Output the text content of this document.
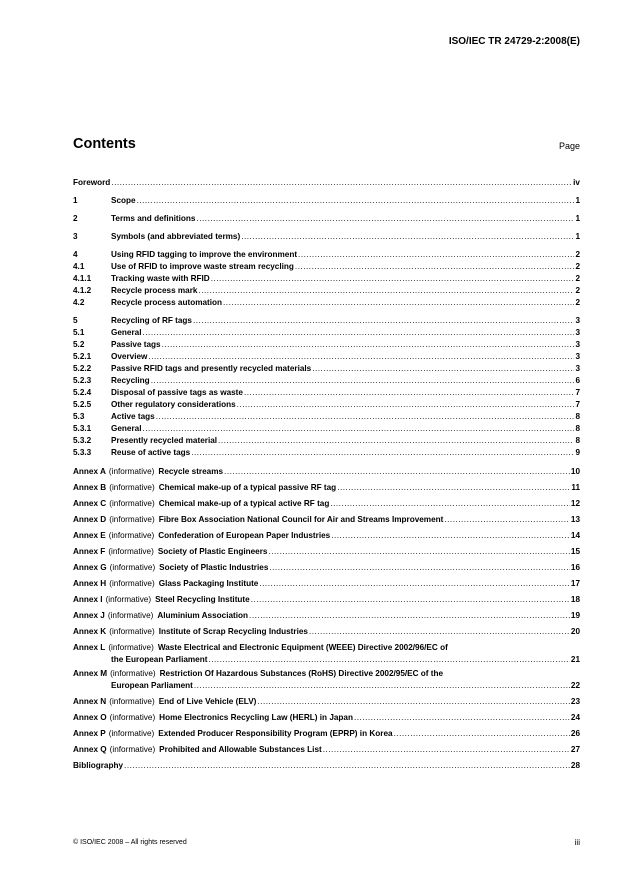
ISO/IEC TR 24729-2:2008(E)
Contents	Page
Foreword .....	iv
1	Scope .....	1
2	Terms and definitions .....	1
3	Symbols (and abbreviated terms) .....	1
4	Using RFID tagging to improve the environment .....	2
4.1	Use of RFID to improve waste stream recycling .....	2
4.1.1	Tracking waste with RFID .....	2
4.1.2	Recycle process mark .....	2
4.2	Recycle process automation .....	2
5	Recycling of RF tags .....	3
5.1	General .....	3
5.2	Passive tags .....	3
5.2.1	Overview .....	3
5.2.2	Passive RFID tags and presently recycled materials .....	3
5.2.3	Recycling .....	6
5.2.4	Disposal of passive tags as waste .....	7
5.2.5	Other regulatory considerations .....	7
5.3	Active tags .....	8
5.3.1	General .....	8
5.3.2	Presently recycled material .....	8
5.3.3	Reuse of active tags .....	9
Annex A (informative) Recycle streams .....	10
Annex B (informative) Chemical make-up of a typical passive RF tag .....	11
Annex C (informative) Chemical make-up of a typical active RF tag .....	12
Annex D (informative) Fibre Box Association National Council for Air and Streams Improvement .....	13
Annex E (informative) Confederation of European Paper Industries .....	14
Annex F (informative) Society of Plastic Engineers .....	15
Annex G (informative) Society of Plastic Industries .....	16
Annex H (informative) Glass Packaging Institute .....	17
Annex I (informative) Steel Recycling Institute .....	18
Annex J (informative) Aluminium Association .....	19
Annex K (informative) Institute of Scrap Recycling Industries .....	20
Annex L (informative) Waste Electrical and Electronic Equipment (WEEE) Directive 2002/96/EC of
the European Parliament .....	21
Annex M (informative) Restriction Of Hazardous Substances (RoHS) Directive 2002/95/EC of the
European Parliament .....	22
Annex N (informative) End of Live Vehicle (ELV) .....	23
Annex O (informative) Home Electronics Recycling Law (HERL) in Japan .....	24
Annex P (informative) Extended Producer Responsibility Program (EPRP) in Korea .....	26
Annex Q (informative) Prohibited and Allowable Substances List .....	27
Bibliography .....	28
© ISO/IEC 2008 – All rights reserved	iii
